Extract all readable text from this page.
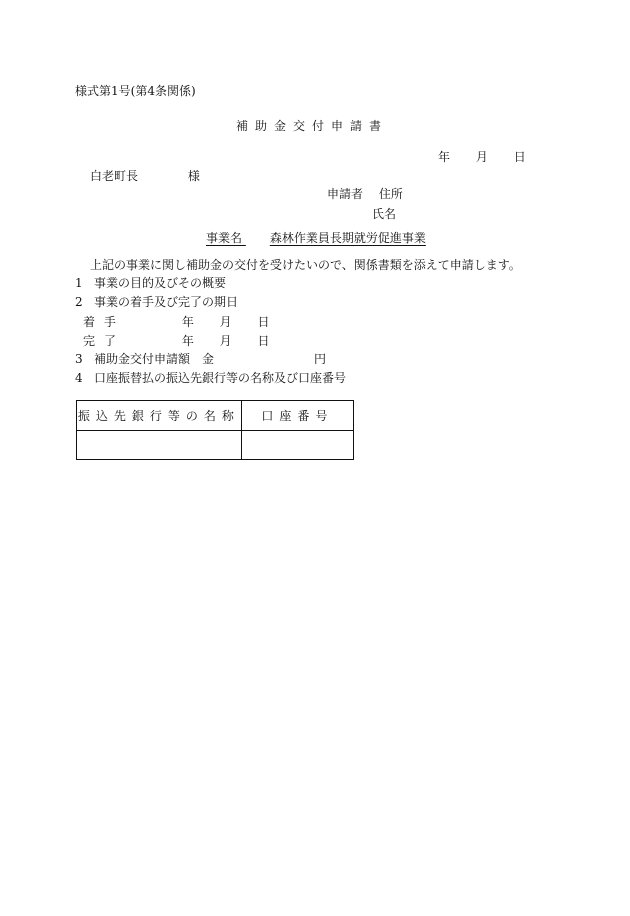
様式第1号(第4条関係)
補助金交付申請書
年 月 日
白老町長	様
申請者 住所
氏名
事業名 森林作業員長期就労促進事業
上記の事業に関し補助金の交付を受けたいので、関係書類を添えて申請します。
1 事業の目的及びその概要
2 事業の着手及び完了の期日
着手	年 月 日
完了	年 月 日
3 補助金交付申請額 金	円
4 口座振替払の振込先銀行等の名称及び口座番号
振込先銀行等の名称	口座番号
